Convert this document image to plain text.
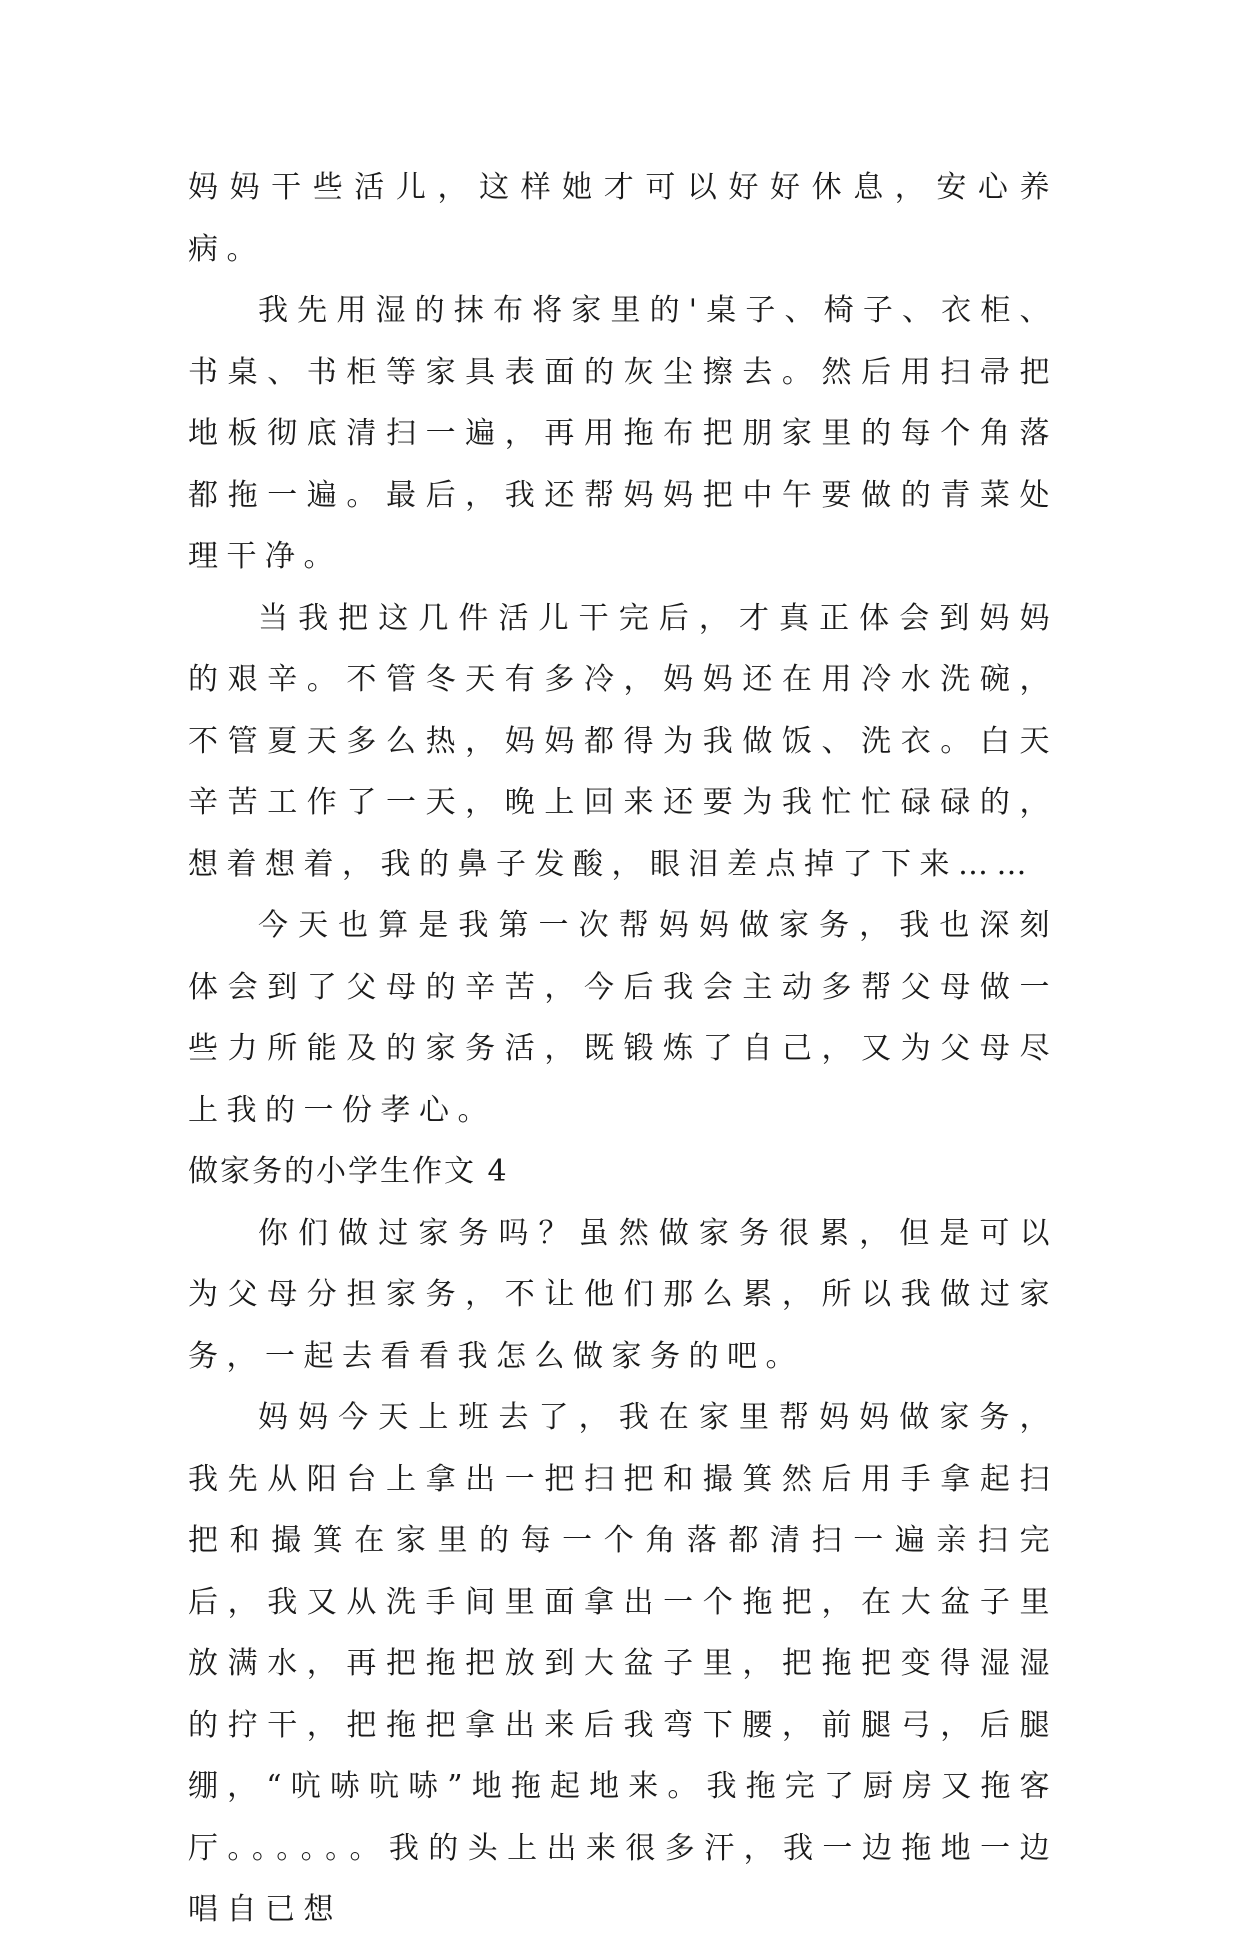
妈妈干些活儿，这样她才可以好好休息，安心养病。

我先用湿的抹布将家里的'桌子、椅子、衣柜、书桌、书柜等家具表面的灰尘擦去。然后用扫帚把地板彻底清扫一遍，再用拖布把朋家里的每个角落都拖一遍。最后，我还帮妈妈把中午要做的青菜处理干净。

当我把这几件活儿干完后，才真正体会到妈妈的艰辛。不管冬天有多冷，妈妈还在用冷水洗碗，不管夏天多么热，妈妈都得为我做饭、洗衣。白天辛苦工作了一天，晚上回来还要为我忙忙碌碌的，想着想着，我的鼻子发酸，眼泪差点掉了下来……

今天也算是我第一次帮妈妈做家务，我也深刻体会到了父母的辛苦，今后我会主动多帮父母做一些力所能及的家务活，既锻炼了自己，又为父母尽上我的一份孝心。

做家务的小学生作文 4

你们做过家务吗？虽然做家务很累，但是可以为父母分担家务，不让他们那么累，所以我做过家务，一起去看看我怎么做家务的吧。

妈妈今天上班去了，我在家里帮妈妈做家务，我先从阳台上拿出一把扫把和撮箕然后用手拿起扫把和撮箕在家里的每一个角落都清扫一遍亲扫完后，我又从洗手间里面拿出一个拖把，在大盆子里放满水，再把拖把放到大盆子里，把拖把变得湿湿的拧干，把拖把拿出来后我弯下腰，前腿弓，后腿绷，“吭哧吭哧”地拖起地来。我拖完了厨房又拖客厅。。。。。。我的头上出来很多汗，我一边拖地一边唱自已想
